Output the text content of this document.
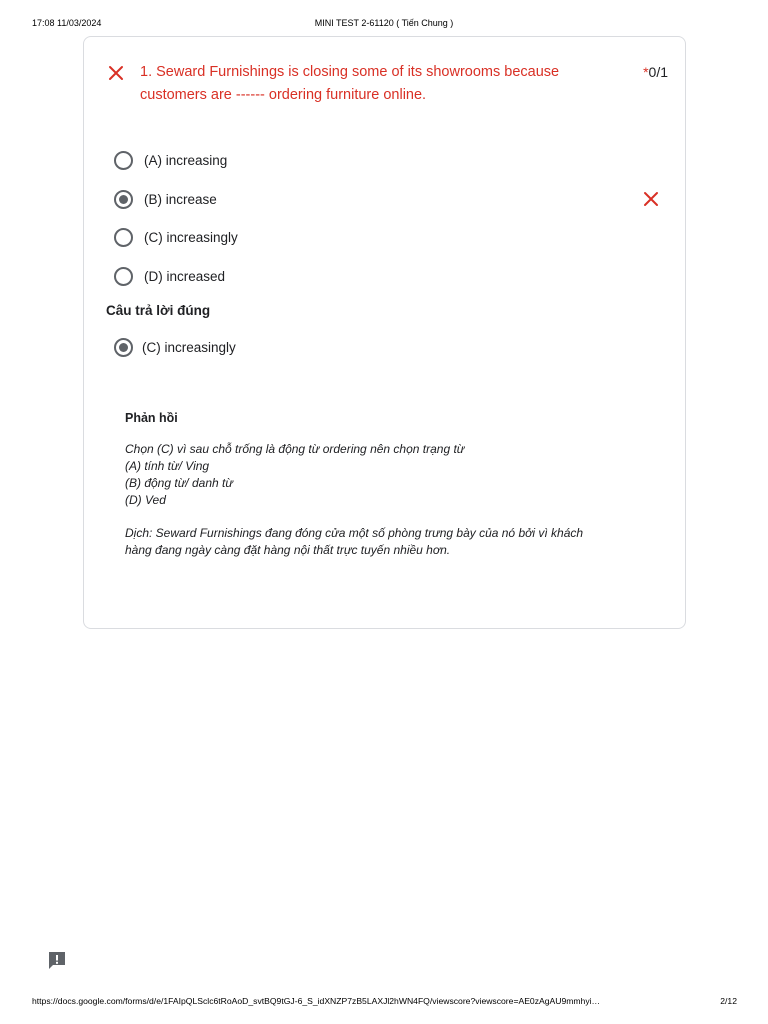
17:08 11/03/2024	MINI TEST 2-61120 ( Tiến Chung )
1. Seward Furnishings is closing some of its showrooms because customers are ------ ordering furniture online.
*0/1
(A) increasing
(B) increase
(C) increasingly
(D) increased
Câu trả lời đúng
(C) increasingly
Phản hồi
Chọn (C) vì sau chỗ trống là động từ ordering nên chọn trạng từ
(A) tính từ/ Ving
(B) động từ/ danh từ
(D) Ved
Dịch: Seward Furnishings đang đóng cửa một số phòng trưng bày của nó bởi vì khách
hàng đang ngày càng đặt hàng nội thất trực tuyến nhiều hơn.
https://docs.google.com/forms/d/e/1FAIpQLSclc6tRoAoD_svtBQ9tGJ-6_S_idXNZP7zB5LAXJl2hWN4FQ/viewscore?viewscore=AE0zAgAU9mmhyi…	2/12
